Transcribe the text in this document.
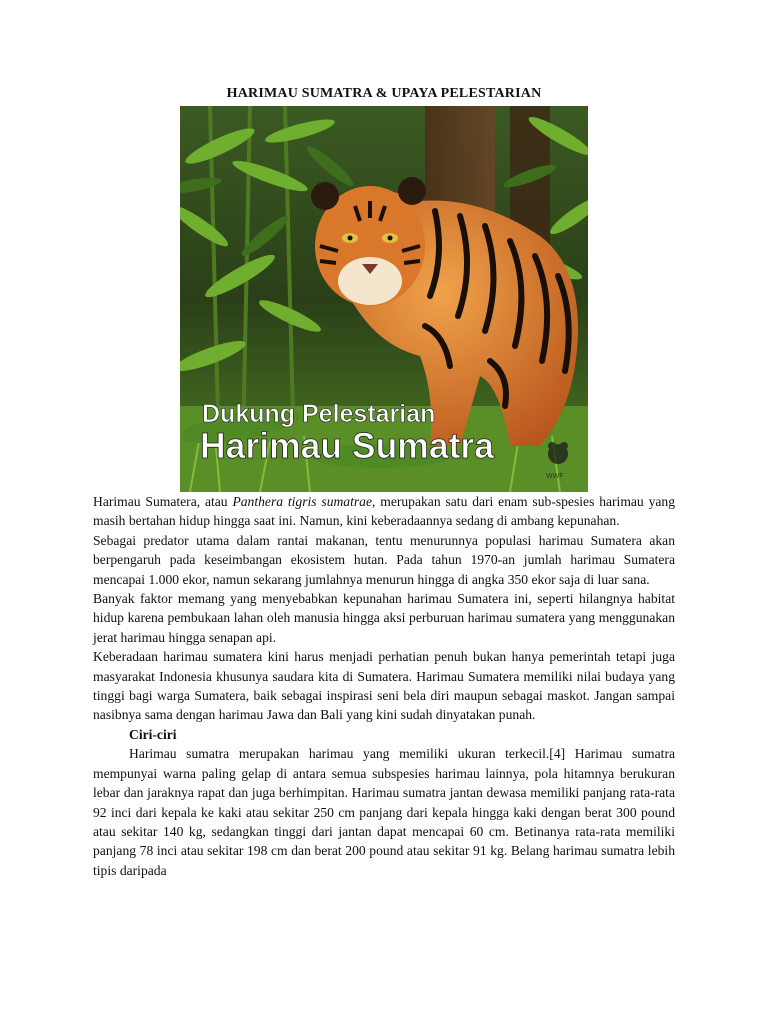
HARIMAU SUMATRA & UPAYA PELESTARIAN
Dukung Pelestarian
Harimau Sumatra
WWF

Harimau Sumatera, atau Panthera tigris sumatrae, merupakan satu dari enam sub-spesies harimau yang masih bertahan hidup hingga saat ini. Namun, kini keberadaannya sedang di ambang kepunahan.

Sebagai predator utama dalam rantai makanan, tentu menurunnya populasi harimau Sumatera akan berpengaruh pada keseimbangan ekosistem hutan. Pada tahun 1970-an jumlah harimau Sumatera mencapai 1.000 ekor, namun sekarang jumlahnya menurun hingga di angka 350 ekor saja di luar sana.

Banyak faktor memang yang menyebabkan kepunahan harimau Sumatera ini, seperti hilangnya habitat hidup karena pembukaan lahan oleh manusia hingga aksi perburuan harimau sumatera yang menggunakan jerat harimau hingga senapan api.

Keberadaan harimau sumatera kini harus menjadi perhatian penuh bukan hanya pemerintah tetapi juga masyarakat Indonesia khusunya saudara kita di Sumatera. Harimau Sumatera memiliki nilai budaya yang tinggi bagi warga Sumatera, baik sebagai inspirasi seni bela diri maupun sebagai maskot. Jangan sampai nasibnya sama dengan harimau Jawa dan Bali yang kini sudah dinyatakan punah.

Ciri-ciri

Harimau sumatra merupakan harimau yang memiliki ukuran terkecil.[4] Harimau sumatra mempunyai warna paling gelap di antara semua subspesies harimau lainnya, pola hitamnya berukuran lebar dan jaraknya rapat dan juga berhimpitan. Harimau sumatra jantan dewasa memiliki panjang rata-rata 92 inci dari kepala ke kaki atau sekitar 250 cm panjang dari kepala hingga kaki dengan berat 300 pound atau sekitar 140 kg, sedangkan tinggi dari jantan dapat mencapai 60 cm. Betinanya rata-rata memiliki panjang 78 inci atau sekitar 198 cm dan berat 200 pound atau sekitar 91 kg. Belang harimau sumatra lebih tipis daripada
